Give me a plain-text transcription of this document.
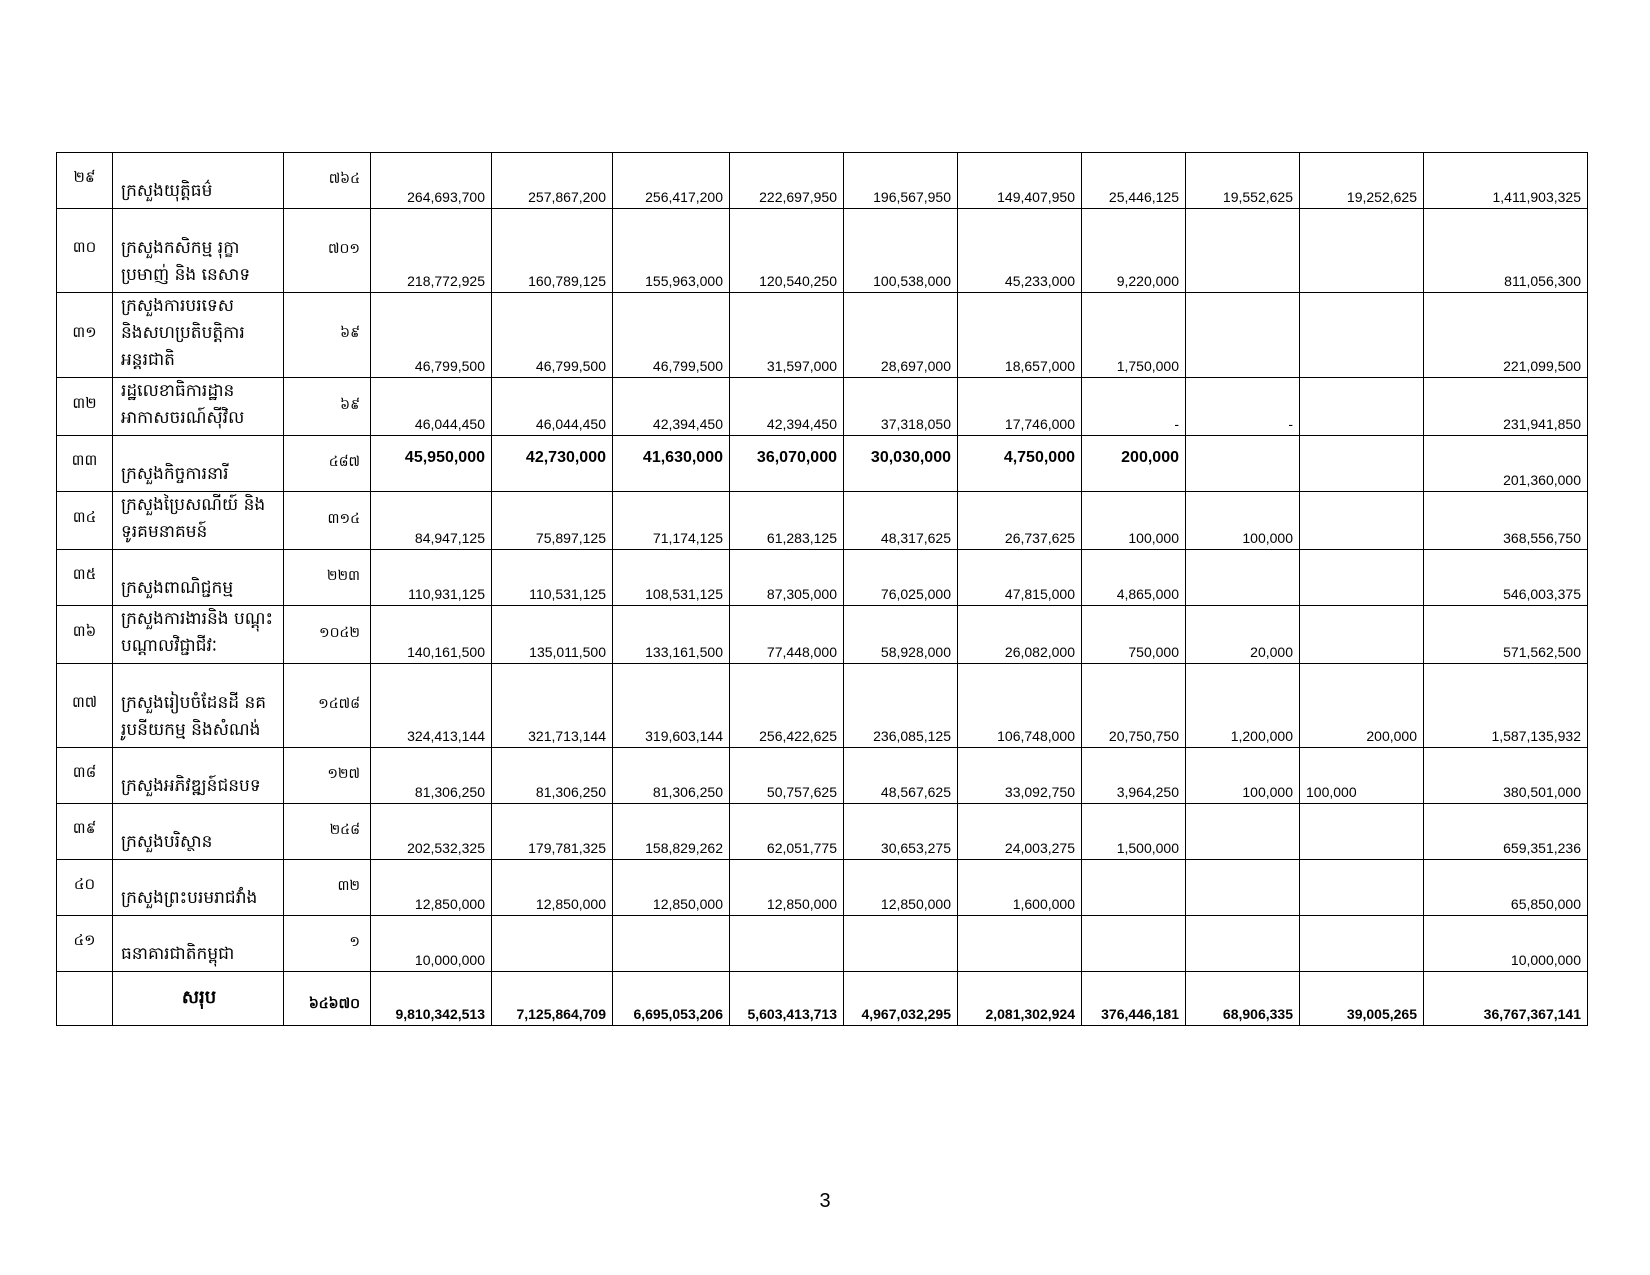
២៩	ក្រសួងយុត្តិធម៌	៧៦៤	264,693,700	257,867,200	256,417,200	222,697,950	196,567,950	149,407,950	25,446,125	19,552,625	19,252,625	1,411,903,325
៣០	ក្រសួងកសិកម្ម រុក្ខាប្រមាញ់ និង នេសាទ	៧០១	218,772,925	160,789,125	155,963,000	120,540,250	100,538,000	45,233,000	9,220,000			811,056,300
៣១	ក្រសួងការបរទេស និងសហប្រតិបត្តិការ អន្តរជាតិ	៦៩	46,799,500	46,799,500	46,799,500	31,597,000	28,697,000	18,657,000	1,750,000			221,099,500
៣២	រដ្ឋលេខាធិការដ្ឋាន អាកាសចរណ៍ស៊ីវិល	៦៩	46,044,450	46,044,450	42,394,450	42,394,450	37,318,050	17,746,000	-	-		231,941,850
៣៣	ក្រសួងកិច្ចការនារី	៤៨៧	45,950,000	42,730,000	41,630,000	36,070,000	30,030,000	4,750,000	200,000			201,360,000
៣៤	ក្រសួងប្រៃសណីយ៍ និងទូរគមនាគមន៍	៣១៤	84,947,125	75,897,125	71,174,125	61,283,125	48,317,625	26,737,625	100,000	100,000		368,556,750
៣៥	ក្រសួងពាណិជ្ជកម្ម	២២៣	110,931,125	110,531,125	108,531,125	87,305,000	76,025,000	47,815,000	4,865,000			546,003,375
៣៦	ក្រសួងការងារនិង បណ្តុះបណ្តាលវិជ្ជាជីវៈ	១០៤២	140,161,500	135,011,500	133,161,500	77,448,000	58,928,000	26,082,000	750,000	20,000		571,562,500
៣៧	ក្រសួងរៀបចំដែនដី នគរូបនីយកម្ម និងសំណង់	១៤៧៨	324,413,144	321,713,144	319,603,144	256,422,625	236,085,125	106,748,000	20,750,750	1,200,000	200,000	1,587,135,932
៣៨	ក្រសួងអភិវឌ្ឍន៍ជនបទ	១២៧	81,306,250	81,306,250	81,306,250	50,757,625	48,567,625	33,092,750	3,964,250	100,000	100,000	380,501,000
៣៩	ក្រសួងបរិស្ថាន	២៤៨	202,532,325	179,781,325	158,829,262	62,051,775	30,653,275	24,003,275	1,500,000			659,351,236
៤០	ក្រសួងព្រះបរមរាជវាំង	៣២	12,850,000	12,850,000	12,850,000	12,850,000	12,850,000	1,600,000				65,850,000
៤១	ធនាគារជាតិកម្ពុជា	១	10,000,000									10,000,000
	សរុប	៦៤៦៧០	9,810,342,513	7,125,864,709	6,695,053,206	5,603,413,713	4,967,032,295	2,081,302,924	376,446,181	68,906,335	39,005,265	36,767,367,141
3
